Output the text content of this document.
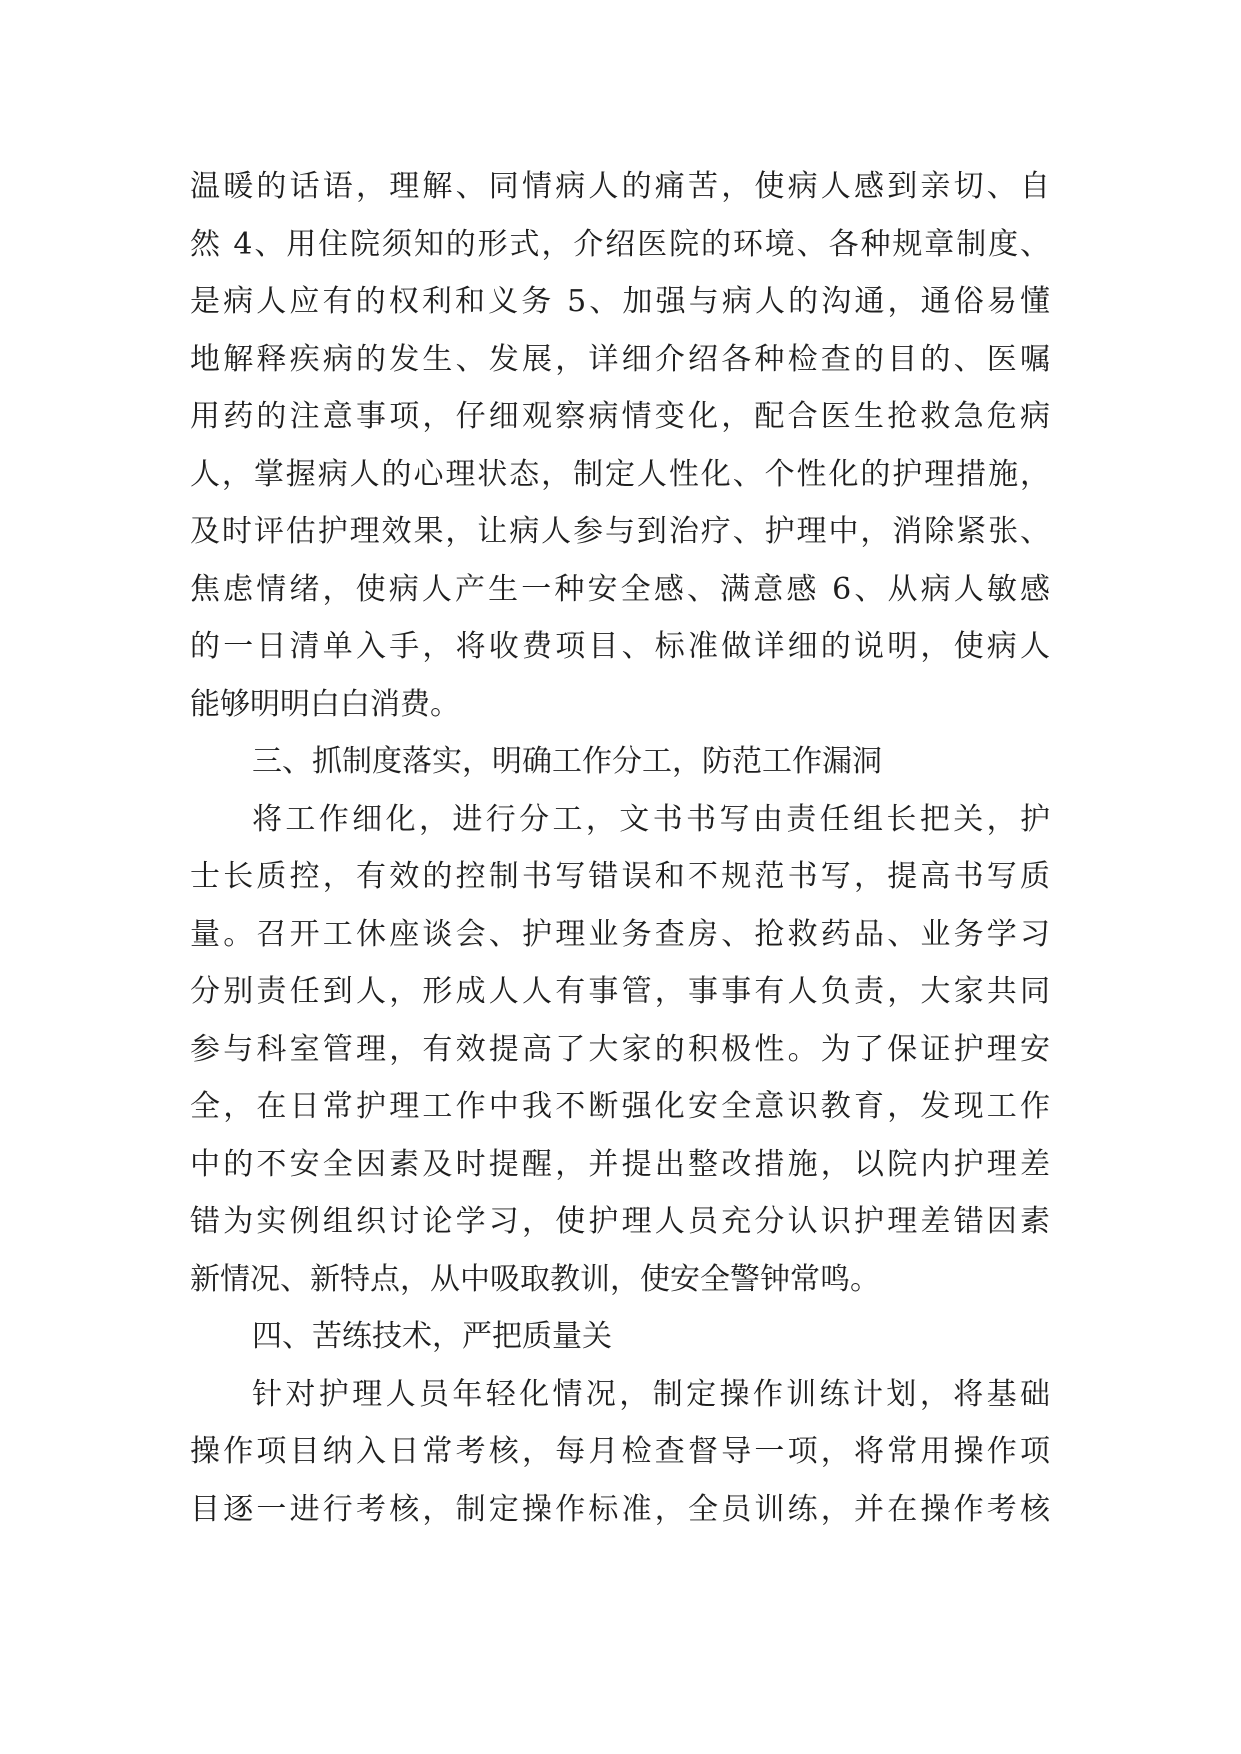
温暖的话语，理解、同情病人的痛苦，使病人感到亲切、自
然 4、用住院须知的形式，介绍医院的环境、各种规章制度、
是病人应有的权利和义务 5、加强与病人的沟通，通俗易懂
地解释疾病的发生、发展，详细介绍各种检查的目的、医嘱
用药的注意事项，仔细观察病情变化，配合医生抢救急危病
人，掌握病人的心理状态，制定人性化、个性化的护理措施，
及时评估护理效果，让病人参与到治疗、护理中，消除紧张、
焦虑情绪，使病人产生一种安全感、满意感 6、从病人敏感
的一日清单入手，将收费项目、标准做详细的说明，使病人
能够明明白白消费。
三、抓制度落实，明确工作分工，防范工作漏洞
将工作细化，进行分工，文书书写由责任组长把关，护
士长质控，有效的控制书写错误和不规范书写，提高书写质
量。召开工休座谈会、护理业务查房、抢救药品、业务学习
分别责任到人，形成人人有事管，事事有人负责，大家共同
参与科室管理，有效提高了大家的积极性。为了保证护理安
全，在日常护理工作中我不断强化安全意识教育，发现工作
中的不安全因素及时提醒，并提出整改措施，以院内护理差
错为实例组织讨论学习，使护理人员充分认识护理差错因素
新情况、新特点，从中吸取教训，使安全警钟常鸣。
四、苦练技术，严把质量关
针对护理人员年轻化情况，制定操作训练计划，将基础
操作项目纳入日常考核，每月检查督导一项，将常用操作项
目逐一进行考核，制定操作标准，全员训练，并在操作考核
